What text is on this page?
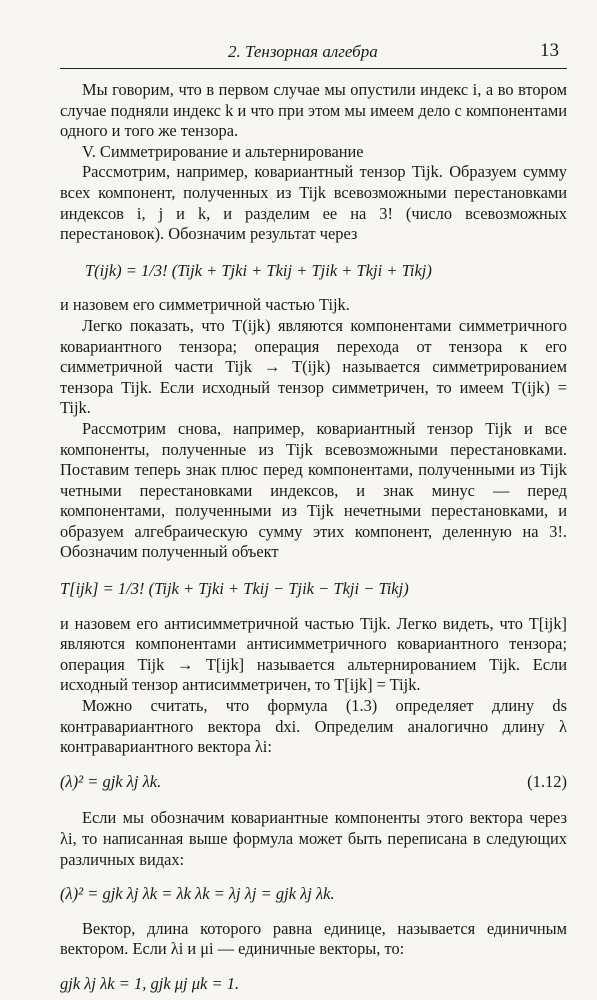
2. Тензорная алгебра	13

Мы говорим, что в первом случае мы опустили индекс i, а во втором случае подняли индекс k и что при этом мы имеем дело с компонентами одного и того же тензора.

V. Симметрирование и альтернирование

Рассмотрим, например, ковариантный тензор Tijk. Образуем сумму всех компонент, полученных из Tijk всевозможными перестановками индексов i, j и k, и разделим ее на 3! (число всевозможных перестановок). Обозначим результат через

T(ijk) = 1/3! (Tijk + Tjki + Tkij + Tjik + Tkji + Tikj)

и назовем его симметричной частью Tijk.

Легко показать, что T(ijk) являются компонентами симметричного ковариантного тензора; операция перехода от тензора к его симметричной части Tijk → T(ijk) называется симметрированием тензора Tijk. Если исходный тензор симметричен, то имеем T(ijk) = Tijk.

Рассмотрим снова, например, ковариантный тензор Tijk и все компоненты, полученные из Tijk всевозможными перестановками. Поставим теперь знак плюс перед компонентами, полученными из Tijk четными перестановками индексов, и знак минус — перед компонентами, полученными из Tijk нечетными перестановками, и образуем алгебраическую сумму этих компонент, деленную на 3!. Обозначим полученный объект

T[ijk] = 1/3! (Tijk + Tjki + Tkij − Tjik − Tkji − Tikj)

и назовем его антисимметричной частью Tijk. Легко видеть, что T[ijk] являются компонентами антисимметричного ковариантного тензора; операция Tijk → T[ijk] называется альтернированием Tijk. Если исходный тензор антисимметричен, то T[ijk] = Tijk.

Можно считать, что формула (1.3) определяет длину ds контравариантного вектора dxi. Определим аналогично длину λ контравариантного вектора λi:

(λ)² = gjk λj λk.	(1.12)

Если мы обозначим ковариантные компоненты этого вектора через λi, то написанная выше формула может быть переписана в следующих различных видах:

(λ)² = gjk λj λk = λk λk = λj λj = gjk λj λk.

Вектор, длина которого равна единице, называется единичным вектором. Если λi и μi — единичные векторы, то:

gjk λj λk = 1, gjk μj μk = 1.
